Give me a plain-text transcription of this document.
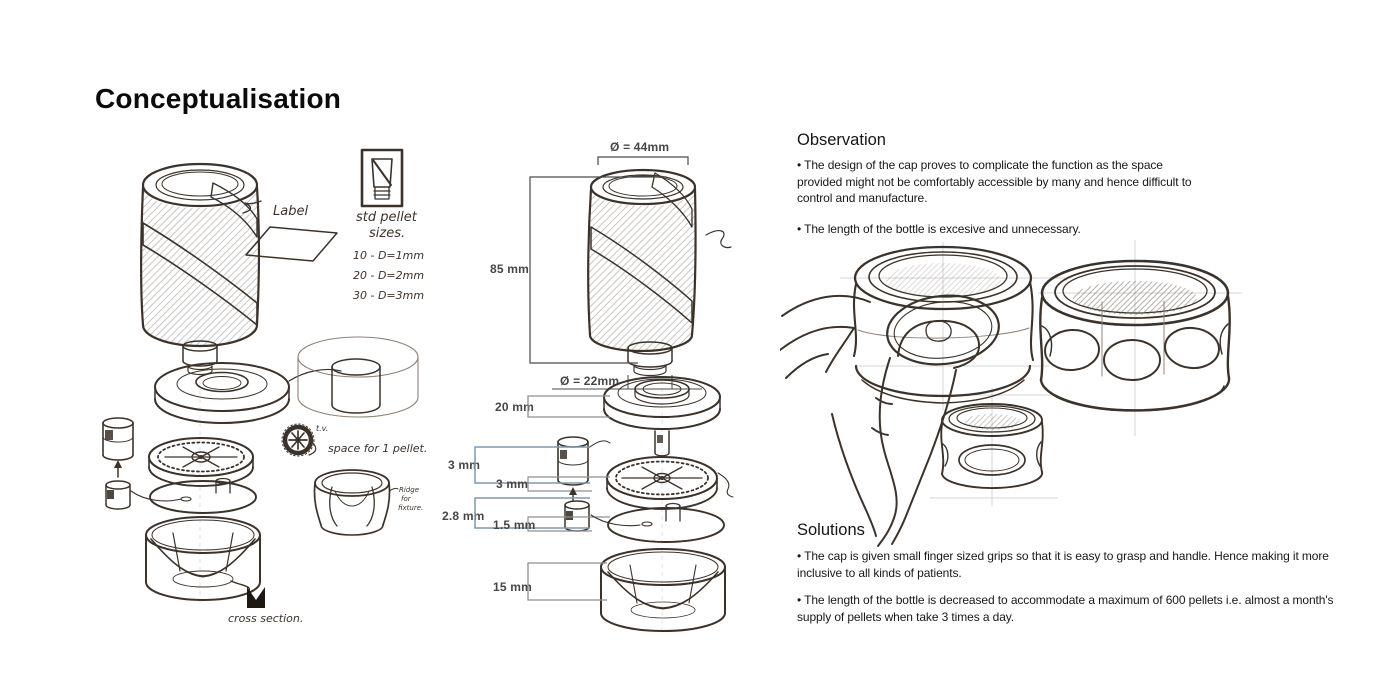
Conceptualisation
Label	std pellet
sizes.
10 - D=1mm
20 - D=2mm
30 - D=3mm
t.v.
space for 1 pellet.
Ridge
for
fixture.
cross section.
Ø = 44mm
85 mm
Ø = 22mm
20 mm
3 mm
3 mm
2.8 mm
1.5 mm
15 mm
Observation
• The design of the cap proves to complicate the function as the space provided might not be comfortably accessible by many and hence difficult to control and manufacture.
• The length of the bottle is excesive and unnecessary.
Solutions
• The cap is given small finger sized grips so that it is easy to grasp and handle. Hence making it more inclusive to all kinds of patients.
• The length of the bottle is decreased to accommodate a maximum of 600 pellets i.e. almost a month's supply of pellets when take 3 times a day.
